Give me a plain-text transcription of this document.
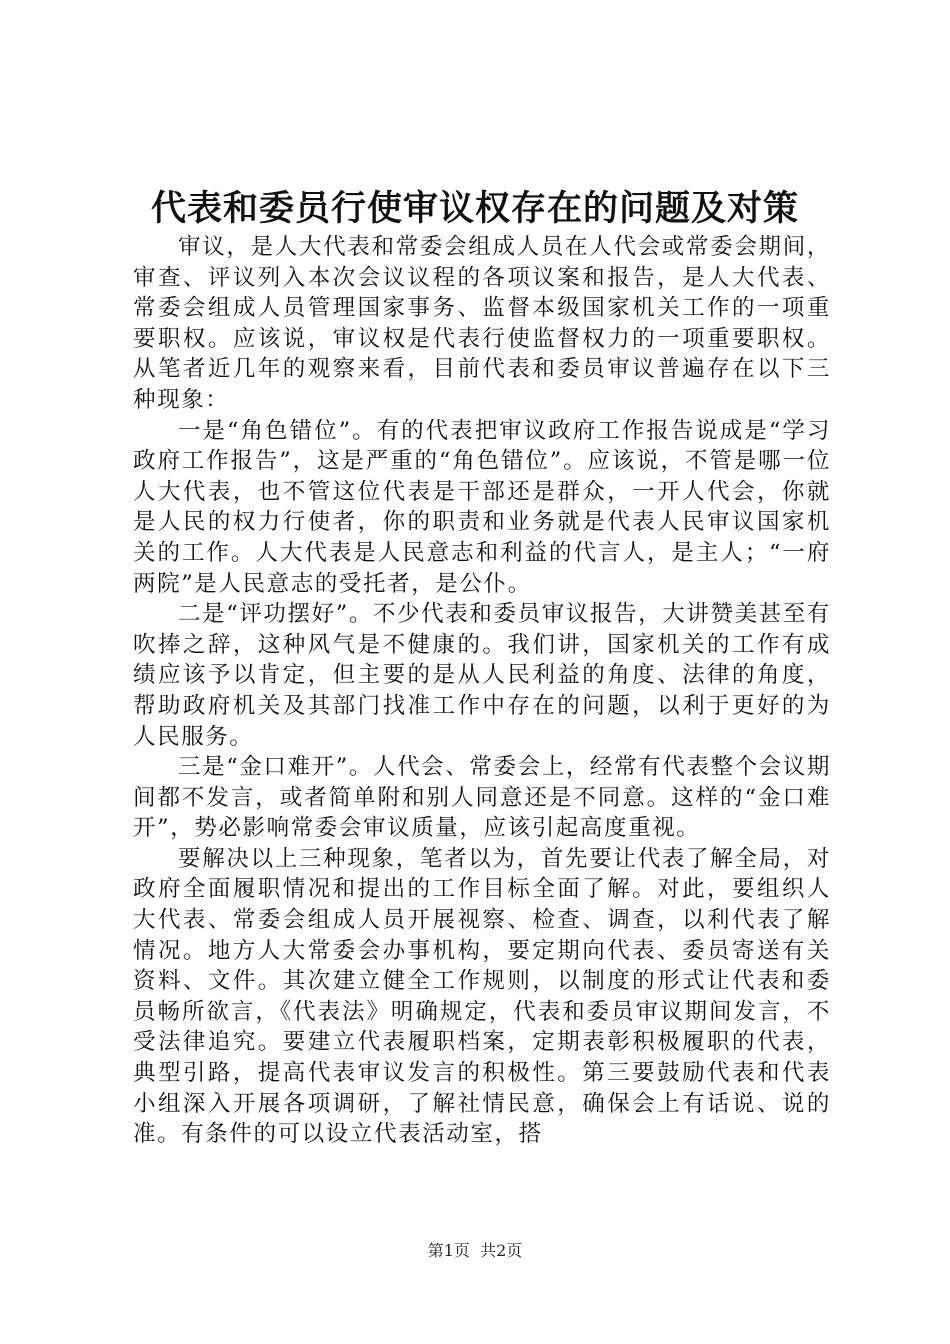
代表和委员行使审议权存在的问题及对策

审议，是人大代表和常委会组成人员在人代会或常委会期间，审查、评议列入本次会议议程的各项议案和报告，是人大代表、常委会组成人员管理国家事务、监督本级国家机关工作的一项重要职权。应该说，审议权是代表行使监督权力的一项重要职权。从笔者近几年的观察来看，目前代表和委员审议普遍存在以下三种现象：

一是“角色错位”。有的代表把审议政府工作报告说成是“学习政府工作报告”，这是严重的“角色错位”。应该说，不管是哪一位人大代表，也不管这位代表是干部还是群众，一开人代会，你就是人民的权力行使者，你的职责和业务就是代表人民审议国家机关的工作。人大代表是人民意志和利益的代言人，是主人；“一府两院”是人民意志的受托者，是公仆。

二是“评功摆好”。不少代表和委员审议报告，大讲赞美甚至有吹捧之辞，这种风气是不健康的。我们讲，国家机关的工作有成绩应该予以肯定，但主要的是从人民利益的角度、法律的角度，帮助政府机关及其部门找准工作中存在的问题，以利于更好的为人民服务。

三是“金口难开”。人代会、常委会上，经常有代表整个会议期间都不发言，或者简单附和别人同意还是不同意。这样的“金口难开”，势必影响常委会审议质量，应该引起高度重视。

要解决以上三种现象，笔者以为，首先要让代表了解全局，对政府全面履职情况和提出的工作目标全面了解。对此，要组织人大代表、常委会组成人员开展视察、检查、调查，以利代表了解情况。地方人大常委会办事机构，要定期向代表、委员寄送有关资料、文件。其次建立健全工作规则，以制度的形式让代表和委员畅所欲言，《代表法》明确规定，代表和委员审议期间发言，不受法律追究。要建立代表履职档案，定期表彰积极履职的代表，典型引路，提高代表审议发言的积极性。第三要鼓励代表和代表小组深入开展各项调研，了解社情民意，确保会上有话说、说的准。有条件的可以设立代表活动室，搭

第1页 共2页
